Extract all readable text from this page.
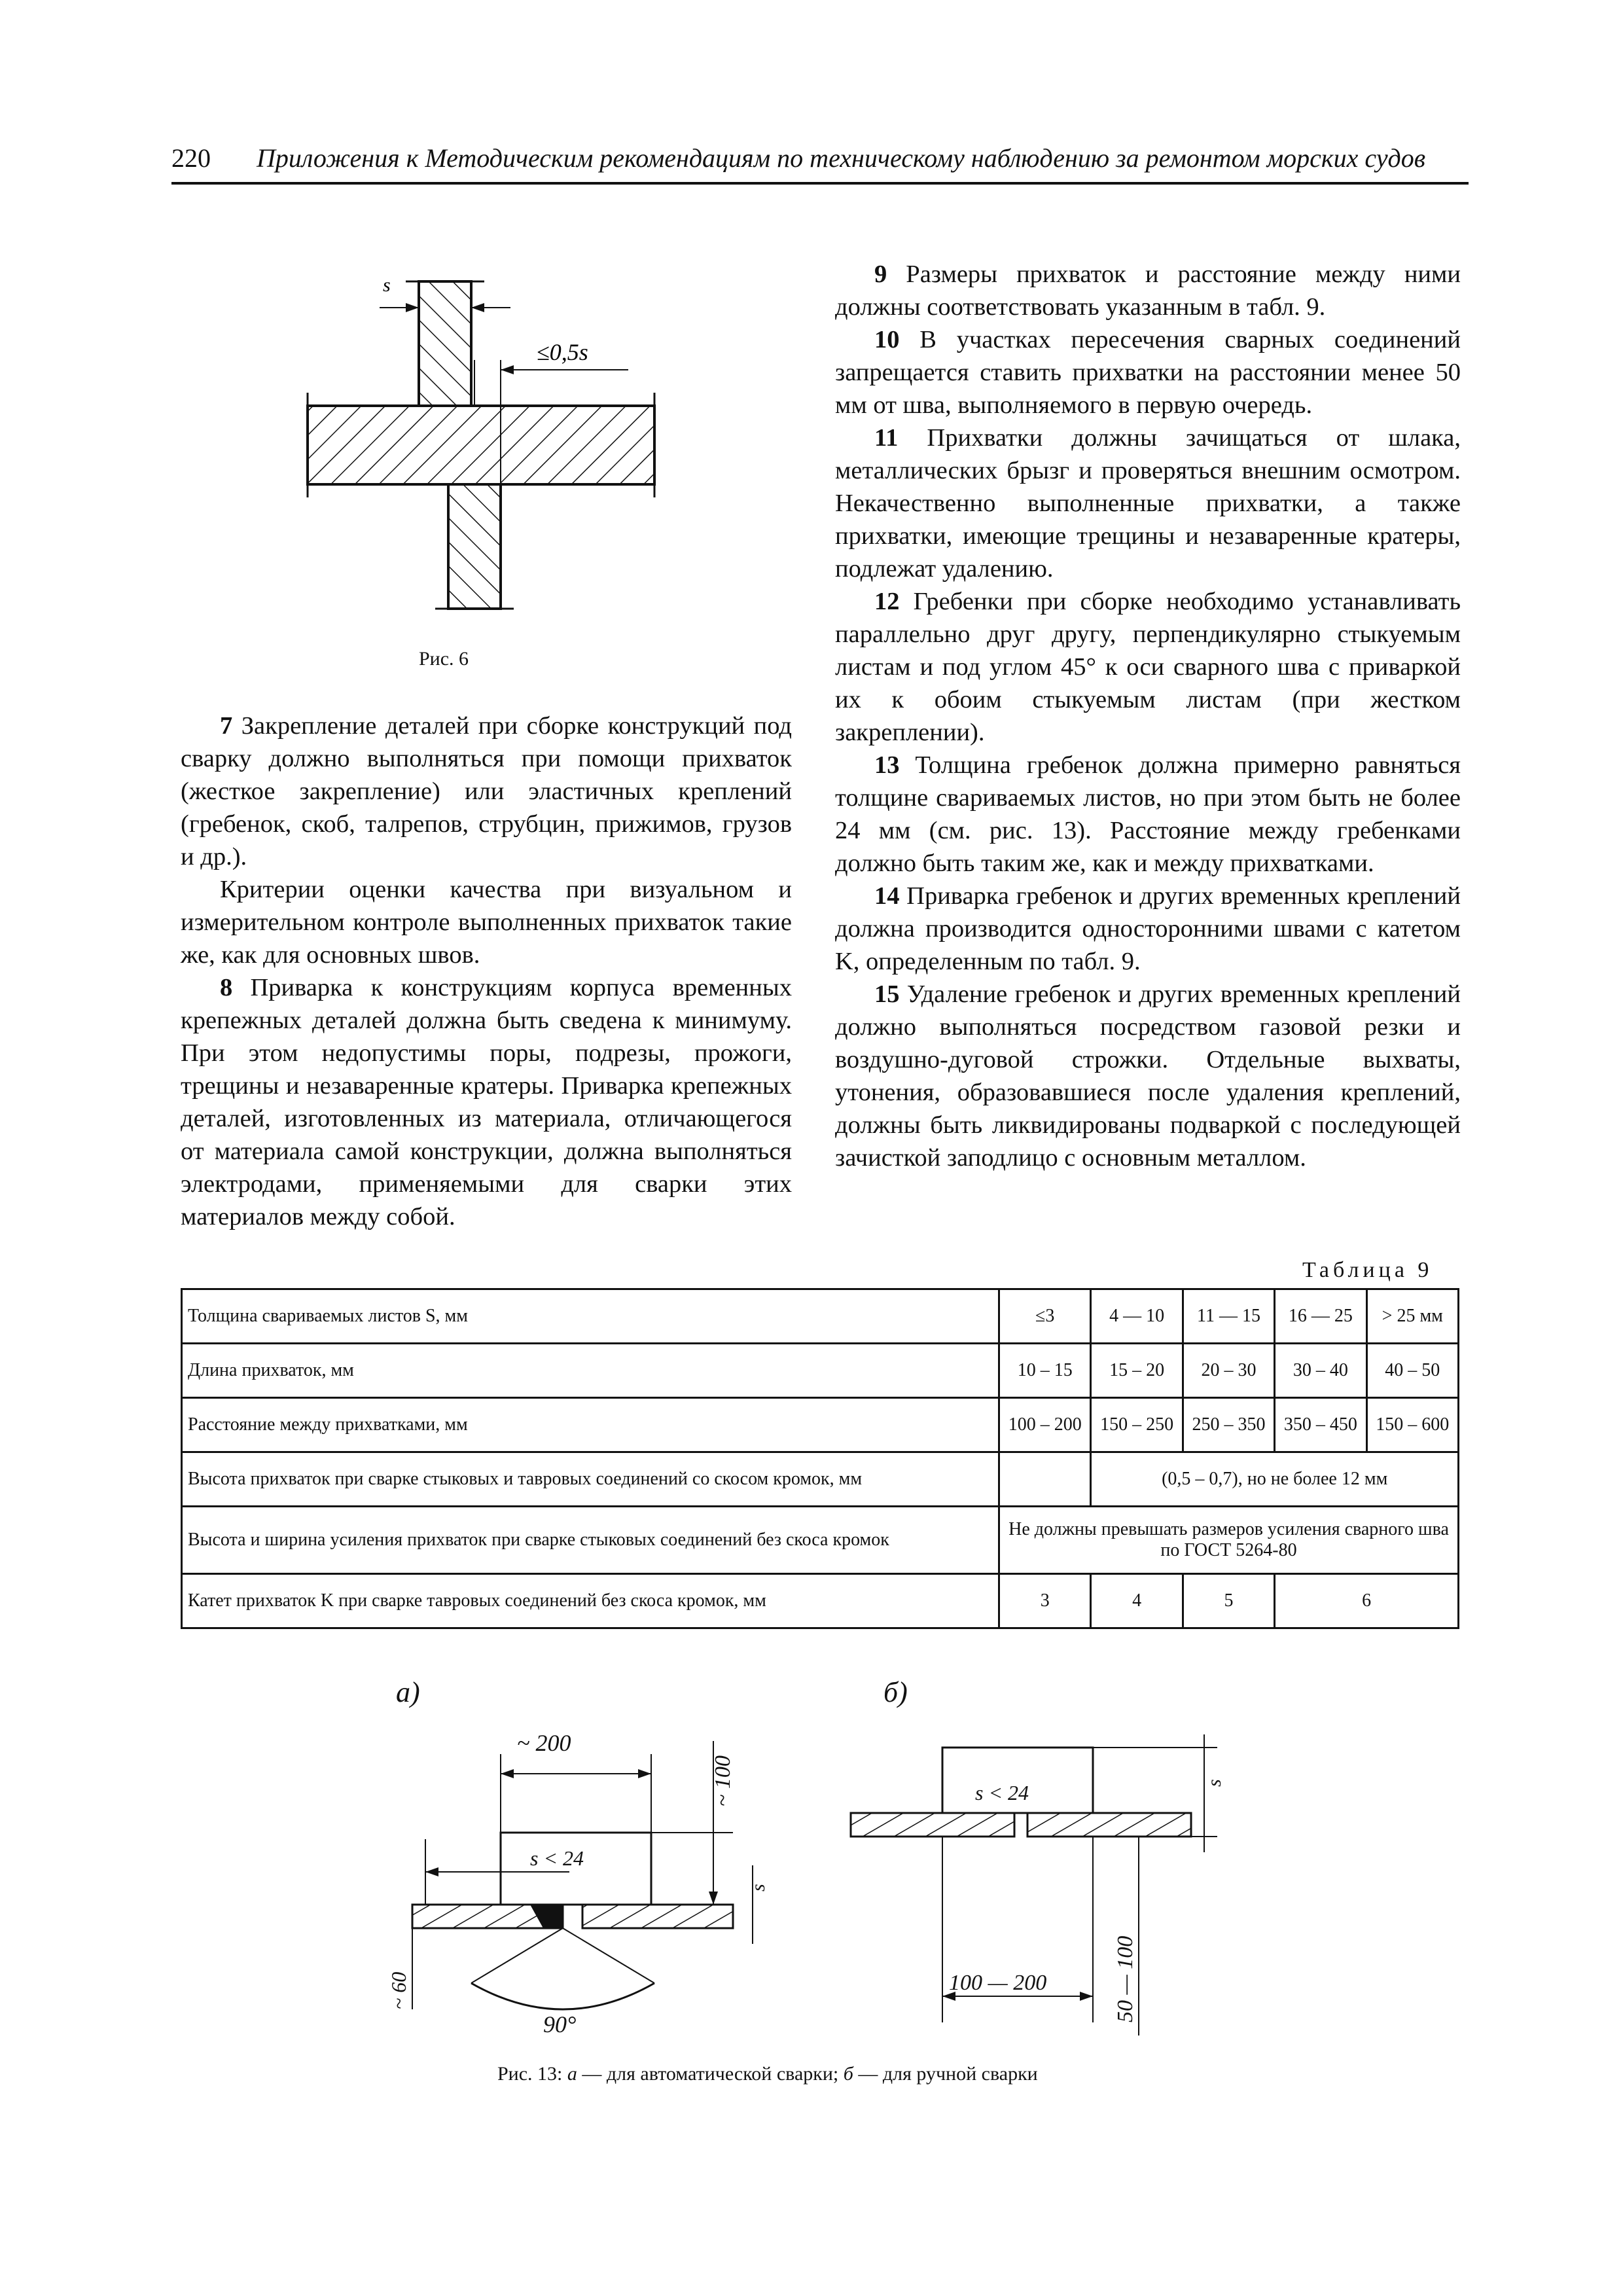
220 Приложения к Методическим рекомендациям по техническому наблюдению за ремонтом морских судов
s
≤0,5s
Рис. 6

7 Закрепление деталей при сборке конструкций под сварку должно выполняться при помощи прихваток (жесткое закрепление) или эластичных креплений (гребенок, скоб, талрепов, струбцин, прижимов, грузов и др.).

Критерии оценки качества при визуальном и измерительном контроле выполненных прихваток такие же, как для основных швов.

8 Приварка к конструкциям корпуса временных крепежных деталей должна быть сведена к минимуму. При этом недопустимы поры, подрезы, прожоги, трещины и незаваренные кратеры. Приварка крепежных деталей, изготовленных из материала, отличающегося от материала самой конструкции, должна выполняться электродами, применяемыми для сварки этих материалов между собой.

9 Размеры прихваток и расстояние между ними должны соответствовать указанным в табл. 9.

10 В участках пересечения сварных соединений запрещается ставить прихватки на расстоянии менее 50 мм от шва, выполняемого в первую очередь.

11 Прихватки должны зачищаться от шлака, металлических брызг и проверяться внешним осмотром. Некачественно выполненные прихватки, а также прихватки, имеющие трещины и незаваренные кратеры, подлежат удалению.

12 Гребенки при сборке необходимо устанавливать параллельно друг другу, перпендикулярно стыкуемым листам и под углом 45° к оси сварного шва с приваркой их к обоим стыкуемым листам (при жестком закреплении).

13 Толщина гребенок должна примерно равняться толщине свариваемых листов, но при этом быть не более 24 мм (см. рис. 13). Расстояние между гребенками должно быть таким же, как и между прихватками.

14 Приварка гребенок и других временных креплений должна производится односторонними швами с катетом K, определенным по табл. 9.

15 Удаление гребенок и других временных креплений должно выполняться посредством газовой резки и воздушно-дуговой строжки. Отдельные выхваты, утонения, образовавшиеся после удаления креплений, должны быть ликвидированы подваркой с последующей зачисткой заподлицо с основным металлом.

Таблица 9
Толщина свариваемых листов S, мм	≤3	4 — 10	11 — 15	16 — 25	> 25 мм
Длина прихваток, мм	10 – 15	15 – 20	20 – 30	30 – 40	40 – 50
Расстояние между прихватками, мм	100 – 200	150 – 250	250 – 350	350 – 450	150 – 600
Высота прихваток при сварке стыковых и тавровых соединений со скосом кромок, мм		(0,5 – 0,7), но не более 12 мм			
Высота и ширина усиления прихваток при сварке стыковых соединений без скоса кромок	Не должны превышать размеров усиления сварного шва по ГОСТ 5264-80				
Катет прихваток K при сварке тавровых соединений без скоса кромок, мм	3	4	5	6	
а)
~ 200
~ 100
s < 24
s
90°
~ 60
б)
s < 24	s
100 — 200	50 — 100
Рис. 13: а — для автоматической сварки; б — для ручной сварки
